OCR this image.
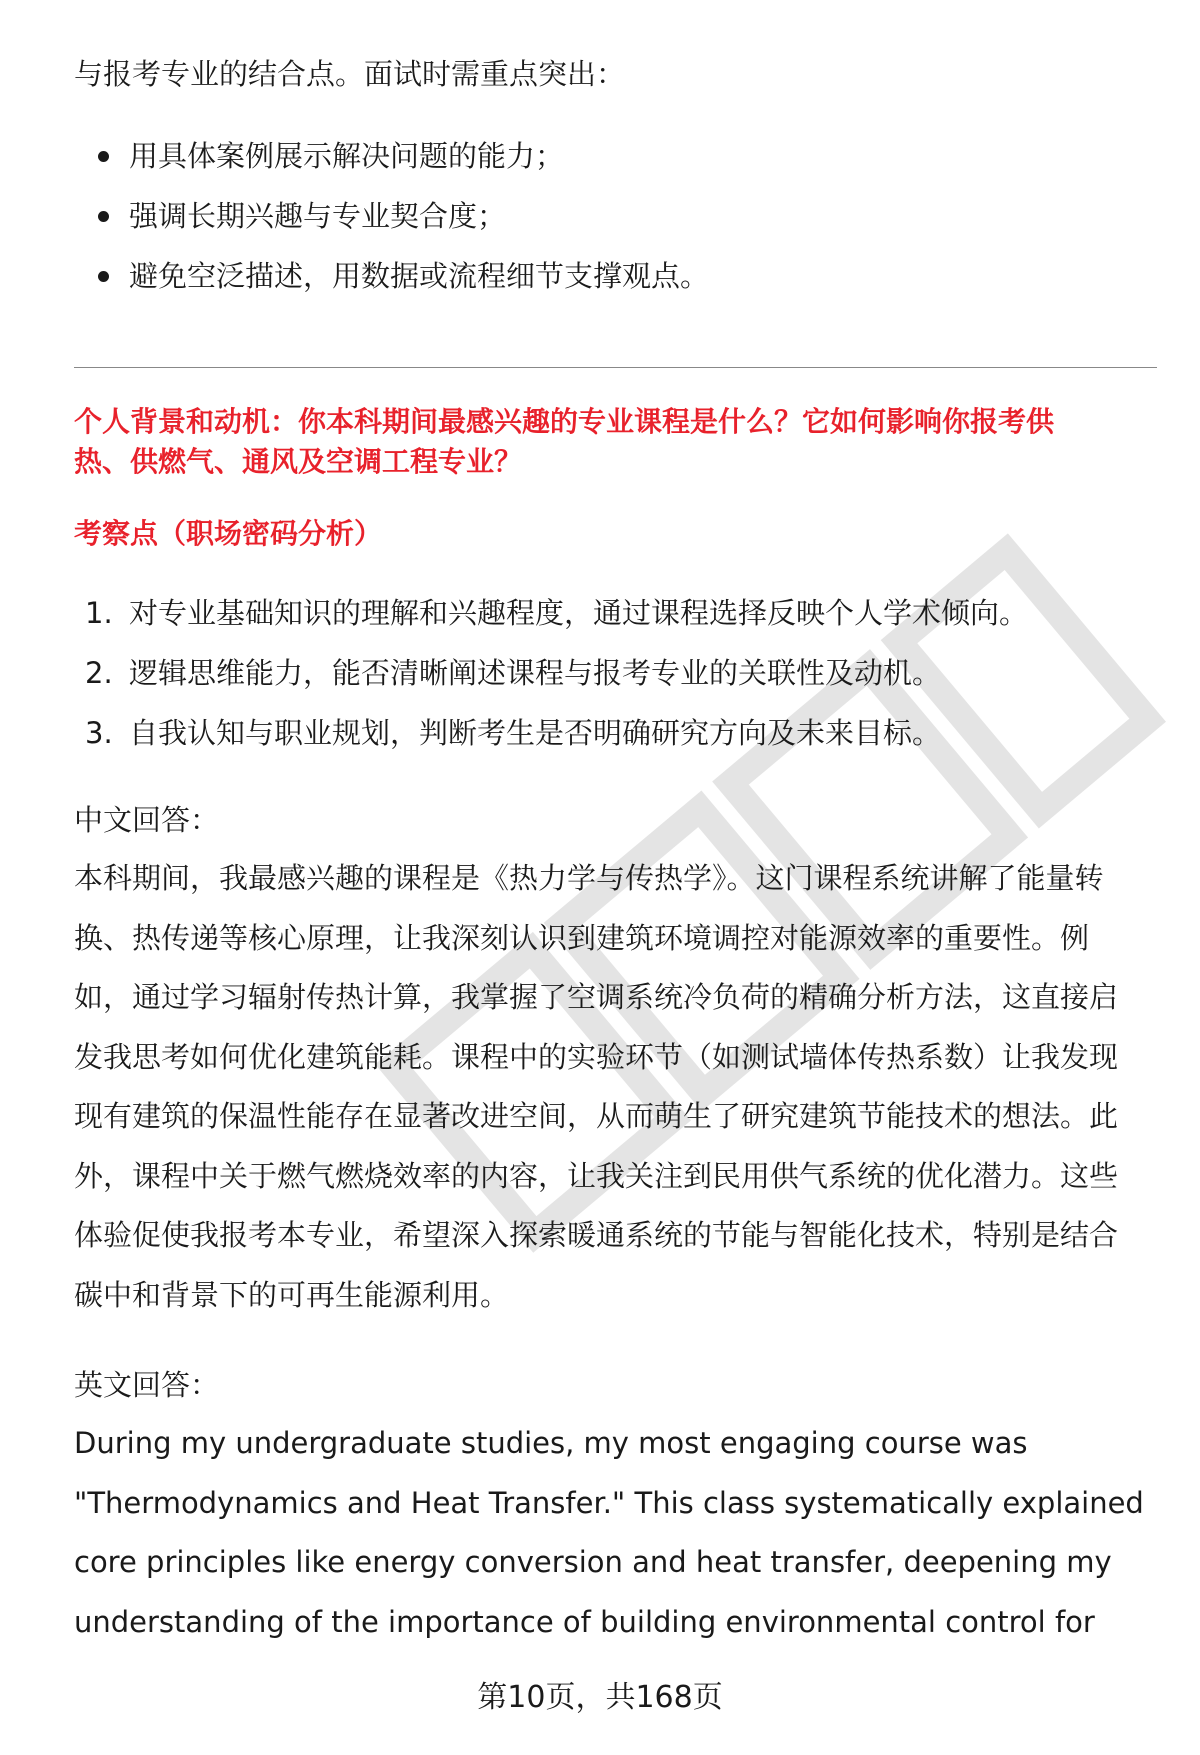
与报考专业的结合点。面试时需重点突出：

用具体案例展示解决问题的能力；
强调长期兴趣与专业契合度；
避免空泛描述，用数据或流程细节支撑观点。
个人背景和动机：你本科期间最感兴趣的专业课程是什么？它如何影响你报考供
热、供燃气、通风及空调工程专业？

考察点（职场密码分析）

1. 对专业基础知识的理解和兴趣程度，通过课程选择反映个人学术倾向。
2. 逻辑思维能力，能否清晰阐述课程与报考专业的关联性及动机。
3. 自我认知与职业规划，判断考生是否明确研究方向及未来目标。

中文回答：

本科期间，我最感兴趣的课程是《热力学与传热学》。这门课程系统讲解了能量转
换、热传递等核心原理，让我深刻认识到建筑环境调控对能源效率的重要性。例
如，通过学习辐射传热计算，我掌握了空调系统冷负荷的精确分析方法，这直接启
发我思考如何优化建筑能耗。课程中的实验环节（如测试墙体传热系数）让我发现
现有建筑的保温性能存在显著改进空间，从而萌生了研究建筑节能技术的想法。此
外，课程中关于燃气燃烧效率的内容，让我关注到民用供气系统的优化潜力。这些
体验促使我报考本专业，希望深入探索暖通系统的节能与智能化技术，特别是结合
碳中和背景下的可再生能源利用。

英文回答：

During my undergraduate studies, my most engaging course was
"Thermodynamics and Heat Transfer." This class systematically explained
core principles like energy conversion and heat transfer, deepening my
understanding of the importance of building environmental control for
第10页，共168页
